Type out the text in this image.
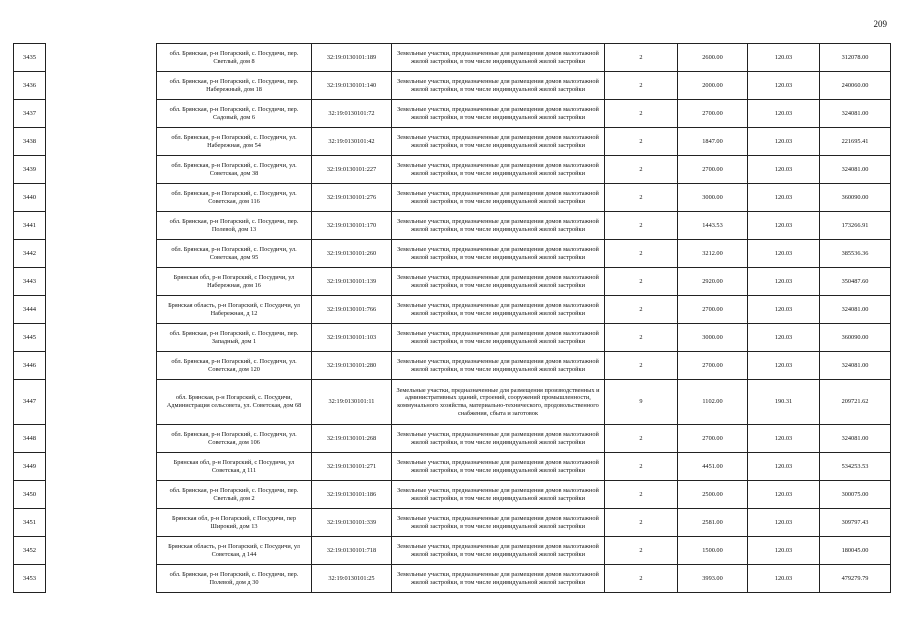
209
3435		обл. Брянская, р-н Погарский, с. Посудичи, пер. Светлый, дом 8	32:19:0130101:189	Земельные участки, предназначенные для размещения домов малоэтажной жилой застройки, в том числе индивидуальной жилой застройки	2	2600.00	120.03	312078.00
3436		обл. Брянская, р-н Погарский, с. Посудичи, пер. Набережный, дом 18	32:19:0130101:140	Земельные участки, предназначенные для размещения домов малоэтажной жилой застройки, в том числе индивидуальной жилой застройки	2	2000.00	120.03	240060.00
3437		обл. Брянская, р-н Погарский, с. Посудичи, пер. Садовый, дом 6	32:19:0130101:72	Земельные участки, предназначенные для размещения домов малоэтажной жилой застройки, в том числе индивидуальной жилой застройки	2	2700.00	120.03	324081.00
3438		обл. Брянская, р-н Погарский, с. Посудичи, ул. Набережная, дом 54	32:19:0130101:42	Земельные участки, предназначенные для размещения домов малоэтажной жилой застройки, в том числе индивидуальной жилой застройки	2	1847.00	120.03	221695.41
3439		обл. Брянская, р-н Погарский, с. Посудичи, ул. Советская, дом 38	32:19:0130101:227	Земельные участки, предназначенные для размещения домов малоэтажной жилой застройки, в том числе индивидуальной жилой застройки	2	2700.00	120.03	324081.00
3440		обл. Брянская, р-н Погарский, с. Посудичи, ул. Советская, дом 116	32:19:0130101:276	Земельные участки, предназначенные для размещения домов малоэтажной жилой застройки, в том числе индивидуальной жилой застройки	2	3000.00	120.03	360090.00
3441		обл. Брянская, р-н Погарский, с. Посудичи, пер. Полевой, дом 13	32:19:0130101:170	Земельные участки, предназначенные для размещения домов малоэтажной жилой застройки, в том числе индивидуальной жилой застройки	2	1443.53	120.03	173266.91
3442		обл. Брянская, р-н Погарский, с. Посудичи, ул. Советская, дом 95	32:19:0130101:260	Земельные участки, предназначенные для размещения домов малоэтажной жилой застройки, в том числе индивидуальной жилой застройки	2	3212.00	120.03	385536.36
3443		Брянская обл, р-н Погарский, с Посудичи, ул Набережная, дом 16	32:19:0130101:139	Земельные участки, предназначенные для размещения домов малоэтажной жилой застройки, в том числе индивидуальной жилой застройки	2	2920.00	120.03	350487.60
3444		Брянская область, р-н Погарский, с Посудичи, ул Набережная, д 12	32:19:0130101:766	Земельные участки, предназначенные для размещения домов малоэтажной жилой застройки, в том числе индивидуальной жилой застройки	2	2700.00	120.03	324081.00
3445		обл. Брянская, р-н Погарский, с. Посудичи, пер. Западный, дом 1	32:19:0130101:103	Земельные участки, предназначенные для размещения домов малоэтажной жилой застройки, в том числе индивидуальной жилой застройки	2	3000.00	120.03	360090.00
3446		обл. Брянская, р-н Погарский, с. Посудичи, ул. Советская, дом 120	32:19:0130101:280	Земельные участки, предназначенные для размещения домов малоэтажной жилой застройки, в том числе индивидуальной жилой застройки	2	2700.00	120.03	324081.00
3447		обл. Брянская, р-н Погарский, с. Посудичи, Администрация сельсовета, ул. Советская, дом 68	32:19:0130101:11	Земельные участки, предназначенные для размещения производственных и административных зданий, строений, сооружений промышленности, коммунального хозяйства, материально-технического, продовольственного снабжения, сбыта и заготовок	9	1102.00	190.31	209721.62
3448		обл. Брянская, р-н Погарский, с. Посудичи, ул. Советская, дом 106	32:19:0130101:268	Земельные участки, предназначенные для размещения домов малоэтажной жилой застройки, в том числе индивидуальной жилой застройки	2	2700.00	120.03	324081.00
3449		Брянская обл, р-н Погарский, с Посудичи, ул Советская, д 111	32:19:0130101:271	Земельные участки, предназначенные для размещения домов малоэтажной жилой застройки, в том числе индивидуальной жилой застройки	2	4451.00	120.03	534253.53
3450		обл. Брянская, р-н Погарский, с. Посудичи, пер. Светлый, дом 2	32:19:0130101:186	Земельные участки, предназначенные для размещения домов малоэтажной жилой застройки, в том числе индивидуальной жилой застройки	2	2500.00	120.03	300075.00
3451		Брянская обл, р-н Погарский, с Посудичи, пер Широкий, дом 13	32:19:0130101:339	Земельные участки, предназначенные для размещения домов малоэтажной жилой застройки, в том числе индивидуальной жилой застройки	2	2581.00	120.03	309797.43
3452		Брянская область, р-н Погарский, с Посудичи, ул Советская, д 144	32:19:0130101:718	Земельные участки, предназначенные для размещения домов малоэтажной жилой застройки, в том числе индивидуальной жилой застройки	2	1500.00	120.03	180045.00
3453		обл. Брянская, р-н Погарский, с. Посудичи, пер. Полевой, дом д 30	32:19:0130101:25	Земельные участки, предназначенные для размещения домов малоэтажной жилой застройки, в том числе индивидуальной жилой застройки	2	3993.00	120.03	479279.79
